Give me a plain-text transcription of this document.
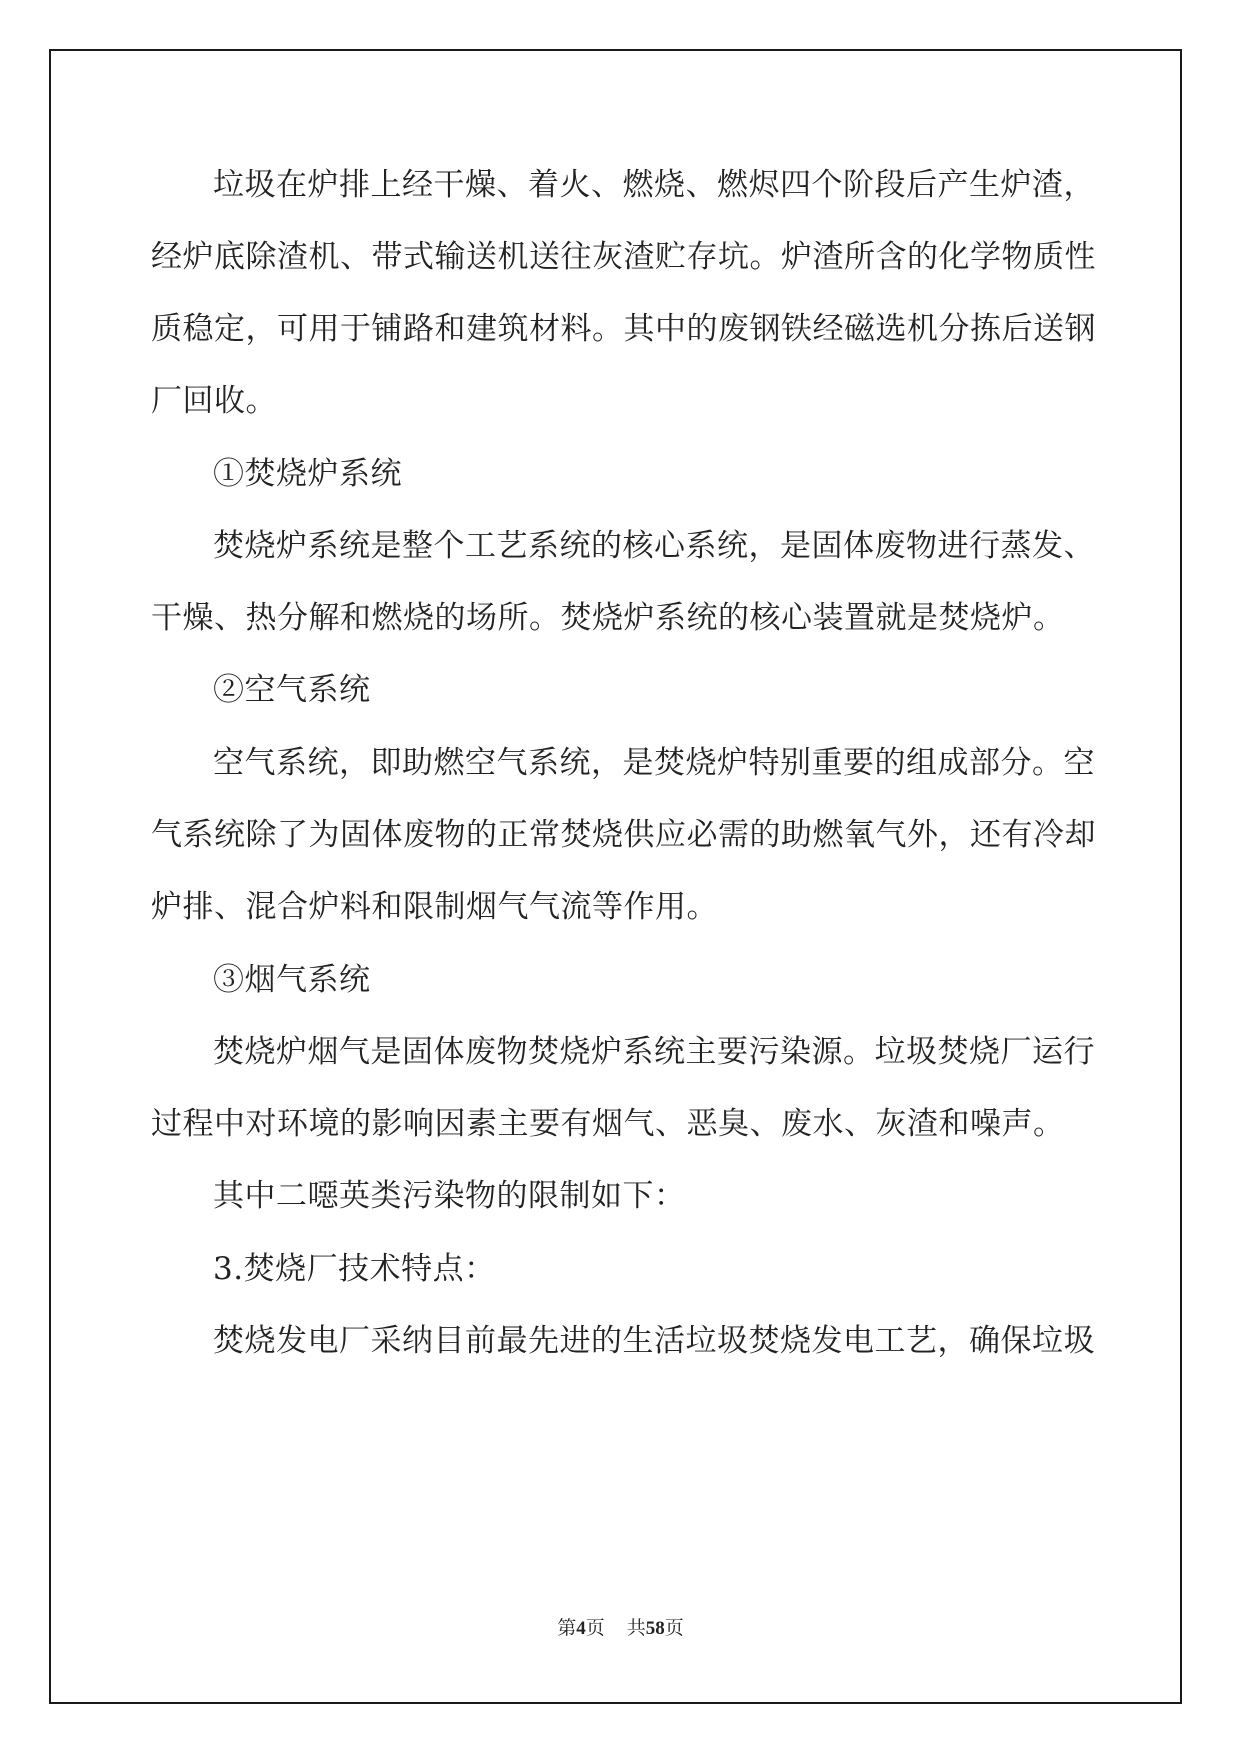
垃圾在炉排上经干燥、着火、燃烧、燃烬四个阶段后产生炉渣，
经炉底除渣机、带式输送机送往灰渣贮存坑。炉渣所含的化学物质性
质稳定，可用于铺路和建筑材料。其中的废钢铁经磁选机分拣后送钢
厂回收。
①焚烧炉系统
焚烧炉系统是整个工艺系统的核心系统，是固体废物进行蒸发、
干燥、热分解和燃烧的场所。焚烧炉系统的核心装置就是焚烧炉。
②空气系统
空气系统，即助燃空气系统，是焚烧炉特别重要的组成部分。空
气系统除了为固体废物的正常焚烧供应必需的助燃氧气外，还有冷却
炉排、混合炉料和限制烟气气流等作用。
③烟气系统
焚烧炉烟气是固体废物焚烧炉系统主要污染源。垃圾焚烧厂运行
过程中对环境的影响因素主要有烟气、恶臭、废水、灰渣和噪声。
其中二噁英类污染物的限制如下：
3.焚烧厂技术特点：
焚烧发电厂采纳目前最先进的生活垃圾焚烧发电工艺，确保垃圾
第4页 共58页
